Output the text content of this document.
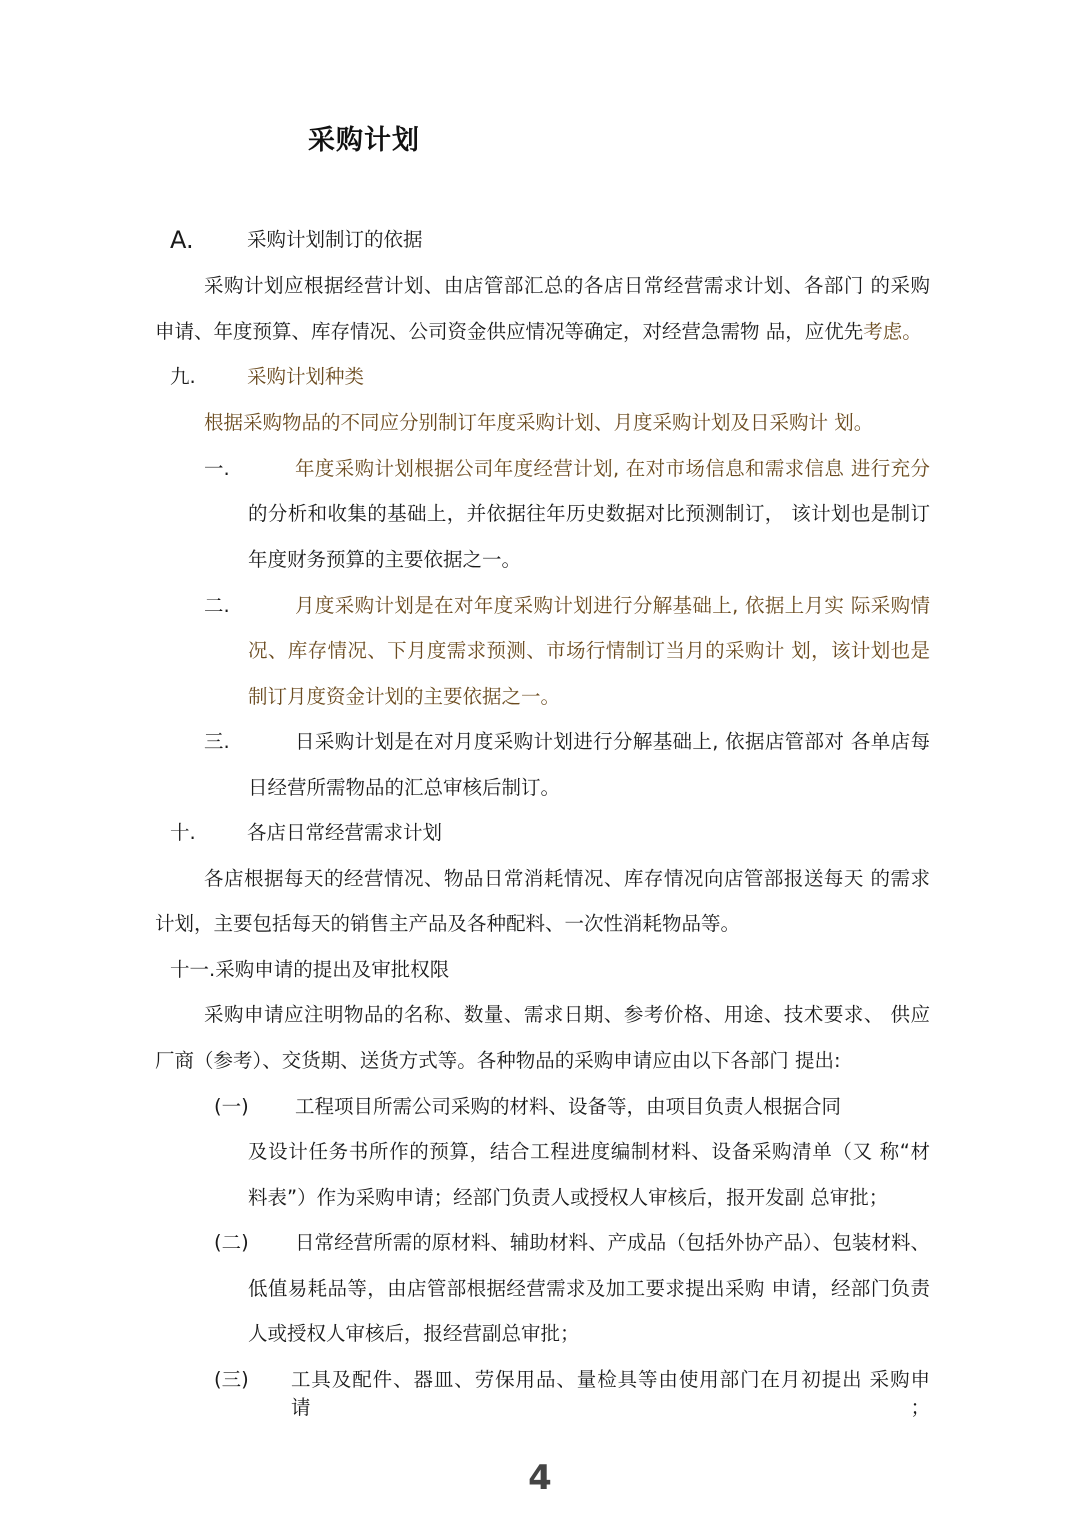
采购计划
A.	采购计划制订的依据
采购计划应根据经营计划、由店管部汇总的各店日常经营需求计划、各部门 的采购
申请、年度预算、库存情况、公司资金供应情况等确定，对经营急需物 品，应优先考虑。
九.	采购计划种类
根据采购物品的不同应分别制订年度采购计划、月度采购计划及日采购计 划。
一.	年度采购计划根据公司年度经营计划, 在对市场信息和需求信息 进行充分
的分析和收集的基础上，并依据往年历史数据对比预测制订， 该计划也是制订
年度财务预算的主要依据之一。
二.	月度采购计划是在对年度采购计划进行分解基础上, 依据上月实 际采购情
况、库存情况、下月度需求预测、市场行情制订当月的采购计 划，该计划也是
制订月度资金计划的主要依据之一。
三.	日采购计划是在对月度采购计划进行分解基础上, 依据店管部对 各单店每
日经营所需物品的汇总审核后制订。
十.	各店日常经营需求计划
各店根据每天的经营情况、物品日常消耗情况、库存情况向店管部报送每天 的需求
计划，主要包括每天的销售主产品及各种配料、一次性消耗物品等。
十一.采购申请的提出及审批权限
采购申请应注明物品的名称、数量、需求日期、参考价格、用途、技术要求、 供应
厂商（参考）、交货期、送货方式等。各种物品的采购申请应由以下各部门 提出:
(一) 工程项目所需公司采购的材料、设备等，由项目负责人根据合同
及设计任务书所作的预算，结合工程进度编制材料、设备采购清单（又 称“材
料表”）作为采购申请；经部门负责人或授权人审核后，报开发副 总审批；
(二) 日常经营所需的原材料、辅助材料、产成品（包括外协产品）、包装材料、
低值易耗品等，由店管部根据经营需求及加工要求提出采购 申请，经部门负责
人或授权人审核后，报经营副总审批；
(三) 工具及配件、器皿、劳保用品、量检具等由使用部门在月初提出 采购申请；
4
